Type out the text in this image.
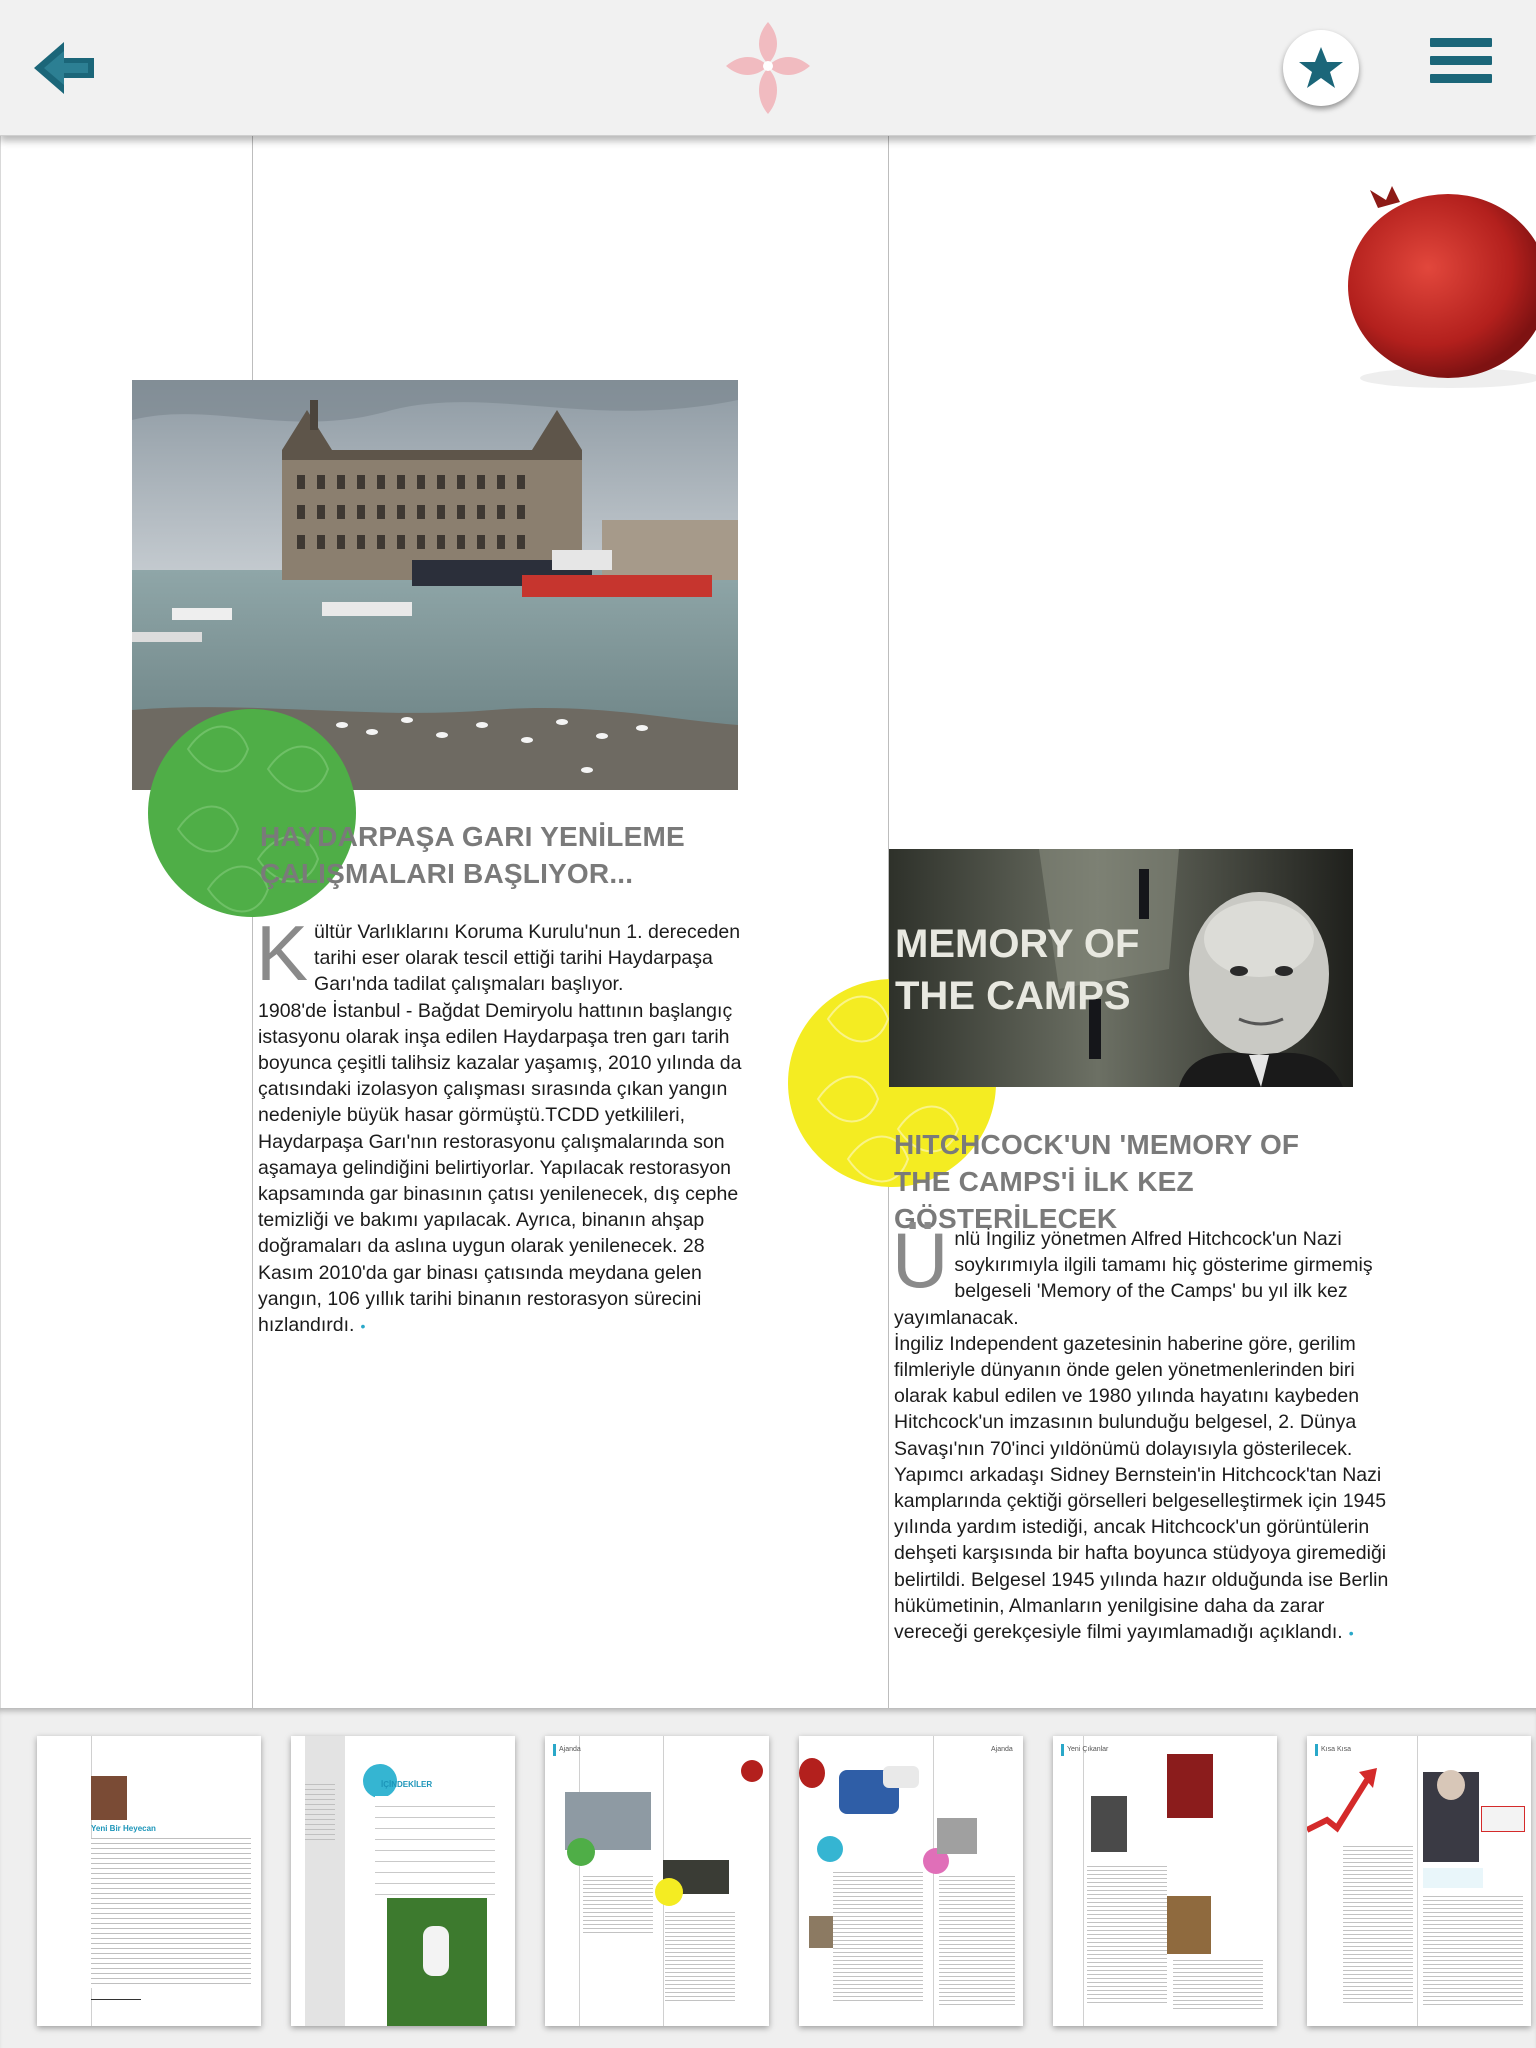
HAYDARPAŞA GARI YENİLEME ÇALIŞMALARI BAŞLIYOR...
K ültür Varlıklarını Koruma Kurulu'nun 1. dereceden tarihi eser olarak tescil ettiği tarihi Haydarpaşa Garı'nda tadilat çalışmaları başlıyor.

1908'de İstanbul - Bağdat Demiryolu hattının başlangıç istasyonu olarak inşa edilen Haydarpaşa tren garı tarih boyunca çeşitli talihsiz kazalar yaşamış, 2010 yılında da çatısındaki izolasyon çalışması sırasında çıkan yangın nedeniyle büyük hasar görmüştü.TCDD yetkilileri, Haydarpaşa Garı'nın restorasyonu çalışmalarında son aşamaya gelindiğini belirtiyorlar. Yapılacak restorasyon kapsamında gar binasının çatısı yenilenecek, dış cephe temizliği ve bakımı yapılacak. Ayrıca, binanın ahşap doğramaları da aslına uygun olarak yenilenecek. 28 Kasım 2010'da gar binası çatısında meydana gelen yangın, 106 yıllık tarihi binanın restorasyon sürecini hızlandırdı. •

MEMORY OF
THE CAMPS
HITCHCOCK'UN 'MEMORY OF THE CAMPS'İ İLK KEZ GÖSTERİLECEK
Ü nlü İngiliz yönetmen Alfred Hitchcock'un Nazi soykırımıyla ilgili tamamı hiç gösterime girmemiş belgeseli 'Memory of the Camps' bu yıl ilk kez yayımlanacak.

İngiliz Independent gazetesinin haberine göre, gerilim filmleriyle dünyanın önde gelen yönetmenlerinden biri olarak kabul edilen ve 1980 yılında hayatını kaybeden Hitchcock'un imzasının bulunduğu belgesel, 2. Dünya Savaşı'nın 70'inci yıldönümü dolayısıyla gösterilecek. Yapımcı arkadaşı Sidney Bernstein'in Hitchcock'tan Nazi kamplarında çektiği görselleri belgeselleştirmek için 1945 yılında yardım istediği, ancak Hitchcock'un görüntülerin dehşeti karşısında bir hafta boyunca stüdyoya giremediği belirtildi. Belgesel 1945 yılında hazır olduğunda ise Berlin hükümetinin, Almanların yenilgisine daha da zarar vereceği gerekçesiyle filmi yayımlamadığı açıklandı. •

Yeni Bir Heyecan
İÇİNDEKİLER
Ajanda	Ajanda	Yeni Çıkanlar	Kısa Kısa
